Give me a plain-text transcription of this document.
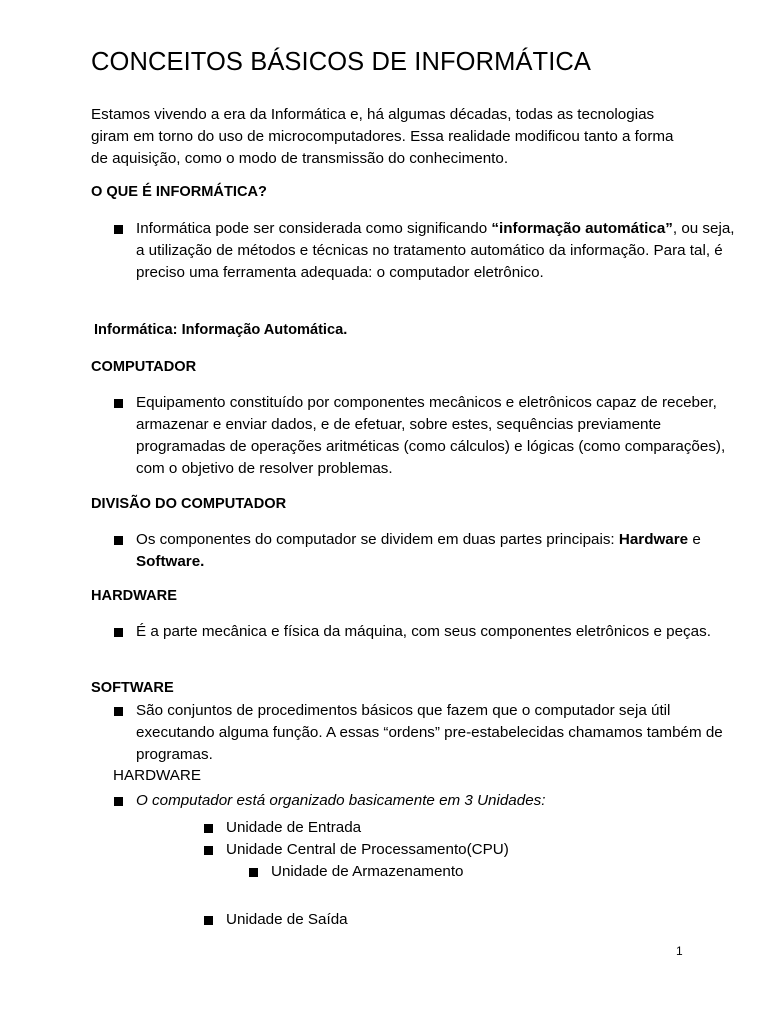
CONCEITOS BÁSICOS DE INFORMÁTICA

Estamos vivendo a era da Informática e, há algumas décadas, todas as tecnologias giram em torno do uso de microcomputadores. Essa realidade modificou tanto a forma de aquisição, como o modo de transmissão do conhecimento.

O QUE É INFORMÁTICA?
Informática pode ser considerada como significando “informação automática”, ou seja, a utilização de métodos e técnicas no tratamento automático da informação. Para tal, é preciso uma ferramenta adequada: o computador eletrônico.
Informática: Informação Automática.
COMPUTADOR
Equipamento constituído por componentes mecânicos e eletrônicos capaz de receber, armazenar e enviar dados, e de efetuar, sobre estes, sequências previamente programadas de operações aritméticas (como cálculos) e lógicas (como comparações), com o objetivo de resolver problemas.
DIVISÃO DO COMPUTADOR
Os componentes do computador se dividem em duas partes principais: Hardware e Software.
HARDWARE
É a parte mecânica e física da máquina, com seus componentes eletrônicos e peças.
SOFTWARE
São conjuntos de procedimentos básicos que fazem que o computador seja útil executando alguma função. A essas “ordens” pre-estabelecidas chamamos também de programas.
HARDWARE
O computador está organizado basicamente em 3 Unidades:
Unidade de Entrada
Unidade Central de Processamento(CPU)
Unidade de Armazenamento
Unidade de Saída
1
